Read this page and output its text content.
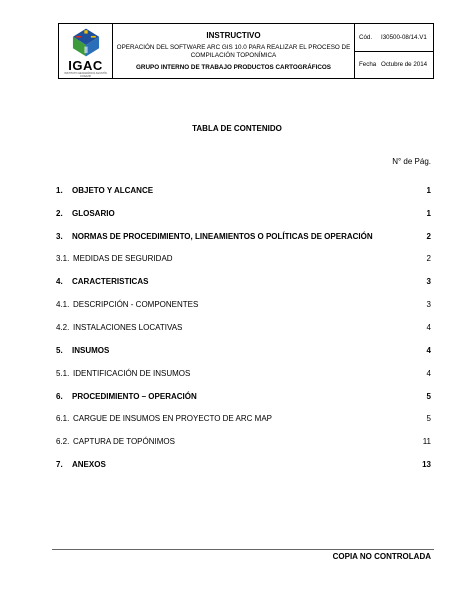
IGAC
INSTITUTO GEOGRÁFICO AGUSTÍN CODAZZI
INSTRUCTIVO
OPERACIÓN DEL SOFTWARE ARC GIS 10.0 PARA REALIZAR EL PROCESO DE COMPILACIÓN TOPONÍMICA
GRUPO INTERNO DE TRABAJO PRODUCTOS CARTOGRÁFICOS
Cód.	I30500-08/14.V1
Fecha Octubre de 2014
TABLA DE CONTENIDO
N° de Pág.
1. OBJETO Y ALCANCE	1
2. GLOSARIO	1
3. NORMAS DE PROCEDIMIENTO, LINEAMIENTOS O POLÍTICAS DE OPERACIÓN	2
3.1. MEDIDAS DE SEGURIDAD	2
4. CARACTERISTICAS	3
4.1. DESCRIPCIÓN - COMPONENTES	3
4.2. INSTALACIONES LOCATIVAS	4
5. INSUMOS	4
5.1. IDENTIFICACIÓN DE INSUMOS	4
6. PROCEDIMIENTO – OPERACIÓN	5
6.1. CARGUE DE INSUMOS EN PROYECTO DE ARC MAP	5
6.2. CAPTURA DE TOPÓNIMOS	11
7. ANEXOS	13
COPIA NO CONTROLADA
